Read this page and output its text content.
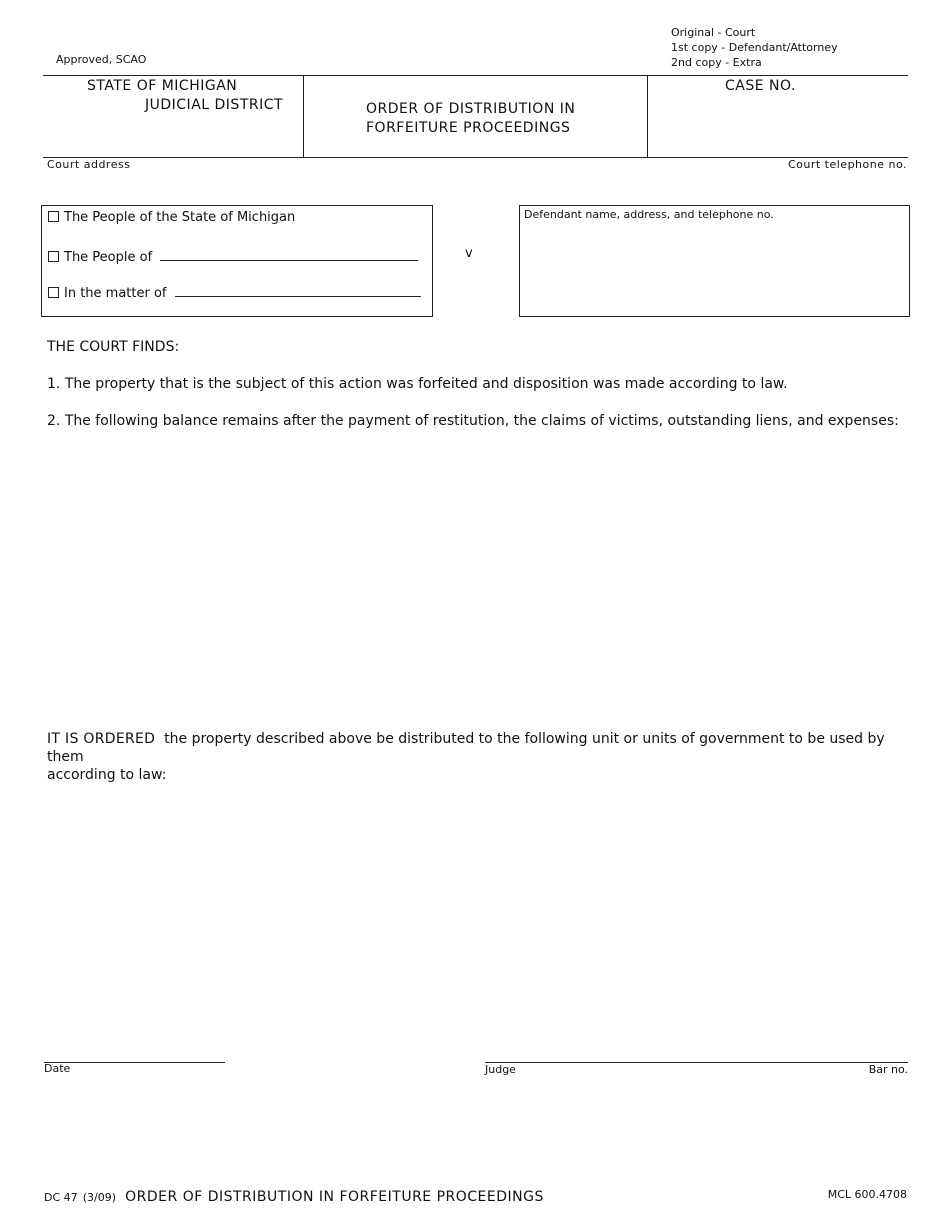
Original - Court
1st copy - Defendant/Attorney
2nd copy - Extra
Approved, SCAO
STATE OF MICHIGAN
JUDICIAL DISTRICT	ORDER OF DISTRIBUTION IN
FORFEITURE PROCEEDINGS
CASE NO.
Court address	Court telephone no.
The People of the State of Michigan
The People of
In the matter of
v
Defendant name, address, and telephone no.
THE COURT FINDS:
1. The property that is the subject of this action was forfeited and disposition was made according to law.
2. The following balance remains after the payment of restitution, the claims of victims, outstanding liens, and expenses:
IT IS ORDERED the property described above be distributed to the following unit or units of government to be used by them
according to law:
Date	Judge	Bar no.
DC 47 (3/09) ORDER OF DISTRIBUTION IN FORFEITURE PROCEEDINGS	MCL 600.4708
